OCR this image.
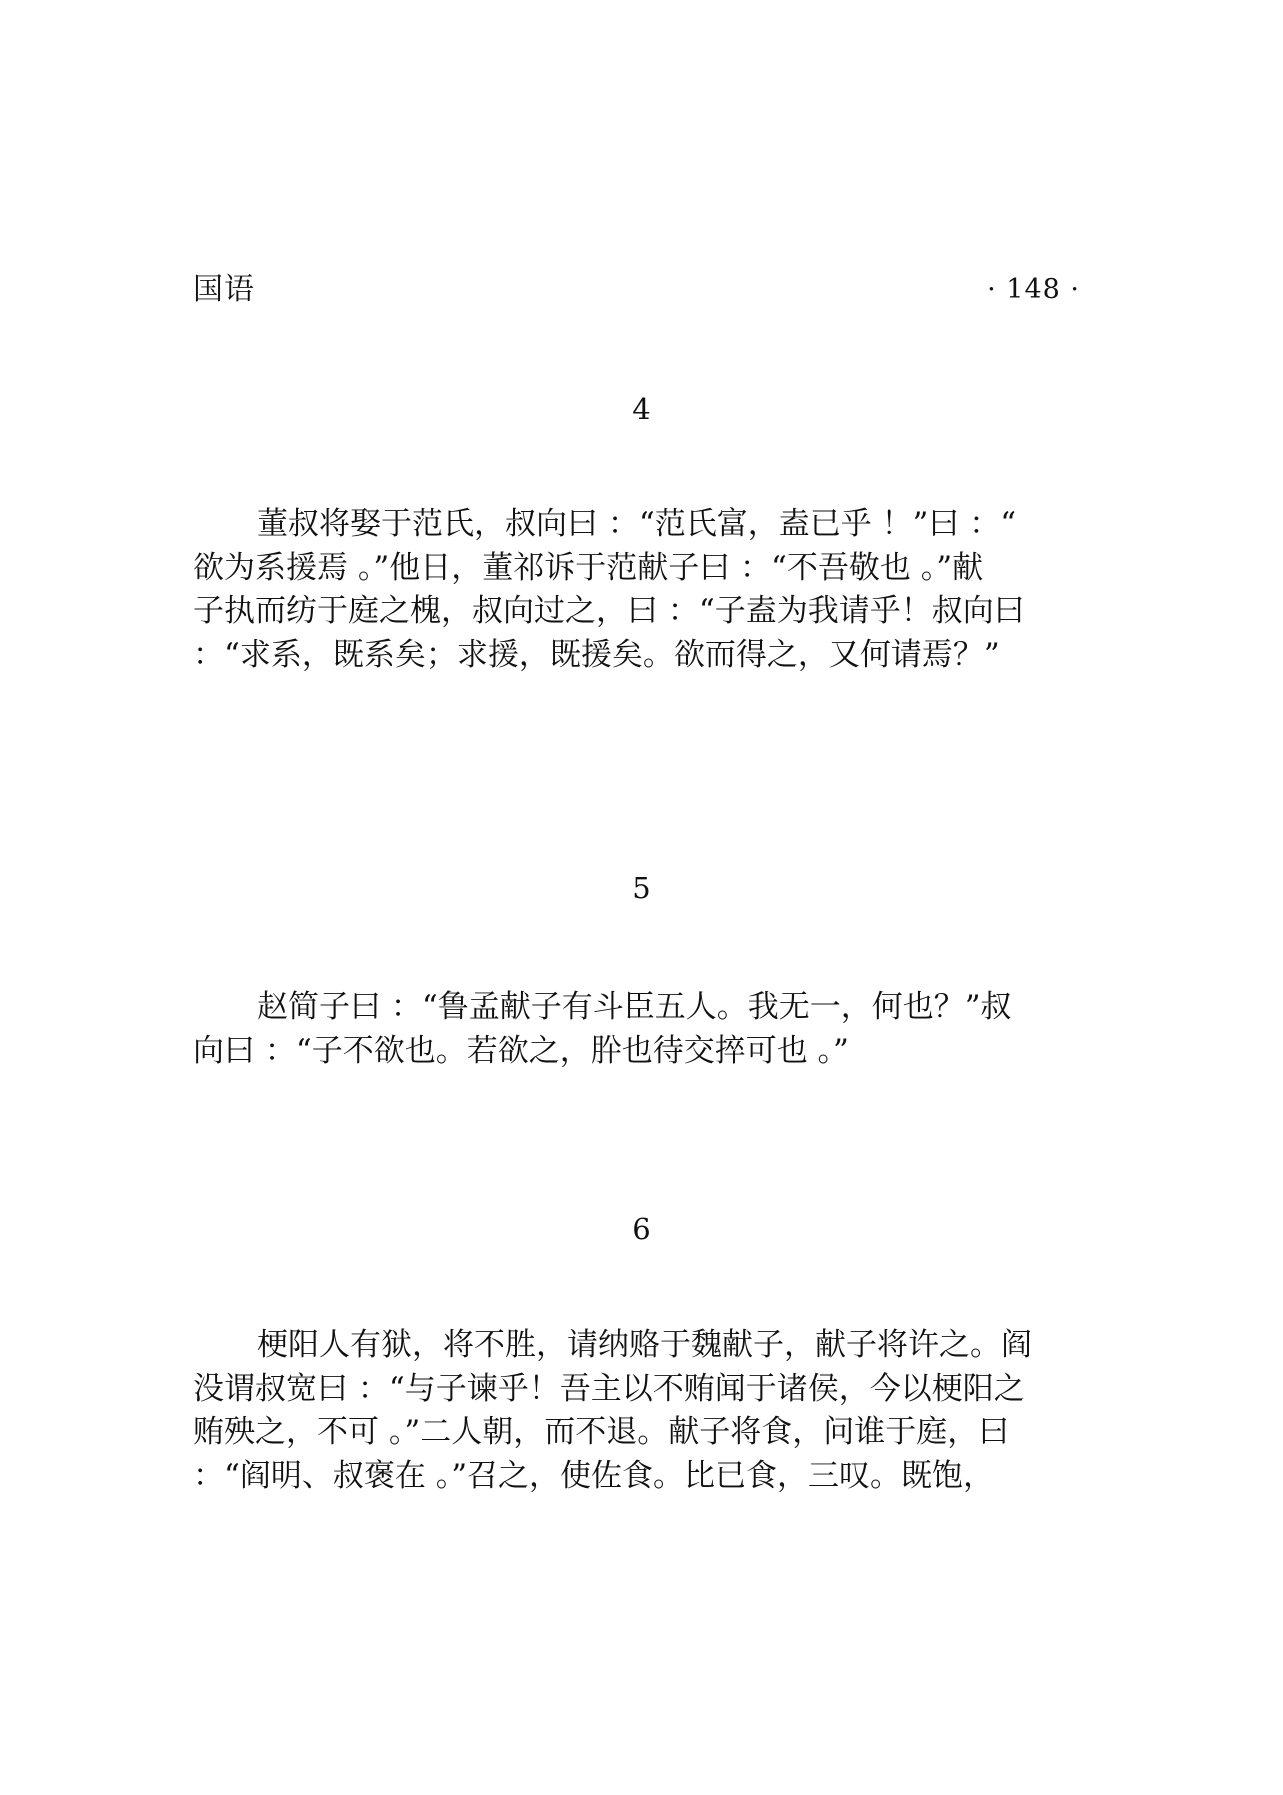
国语	· 148 ·
4
董叔将娶于范氏，叔向曰 ：“范氏富，盍已乎 ！”曰 ：“
欲为系援焉 。”他日，董祁诉于范献子曰 ：“不吾敬也 。”献
子执而纺于庭之槐，叔向过之，曰 ：“子盍为我请乎！叔向曰
：“求系，既系矣；求援，既援矣。欲而得之，又何请焉？”
5
赵简子曰 ：“鲁孟献子有斗臣五人。我无一，何也？”叔
向曰 ：“子不欲也。若欲之，肸也待交捽可也 。”
6
梗阳人有狱，将不胜，请纳赂于魏献子，献子将许之。阎
没谓叔宽曰 ：“与子谏乎！吾主以不贿闻于诸侯，今以梗阳之
贿殃之，不可 。”二人朝，而不退。献子将食，问谁于庭，曰
：“阎明、叔褒在 。”召之，使佐食。比已食，三叹。既饱，
